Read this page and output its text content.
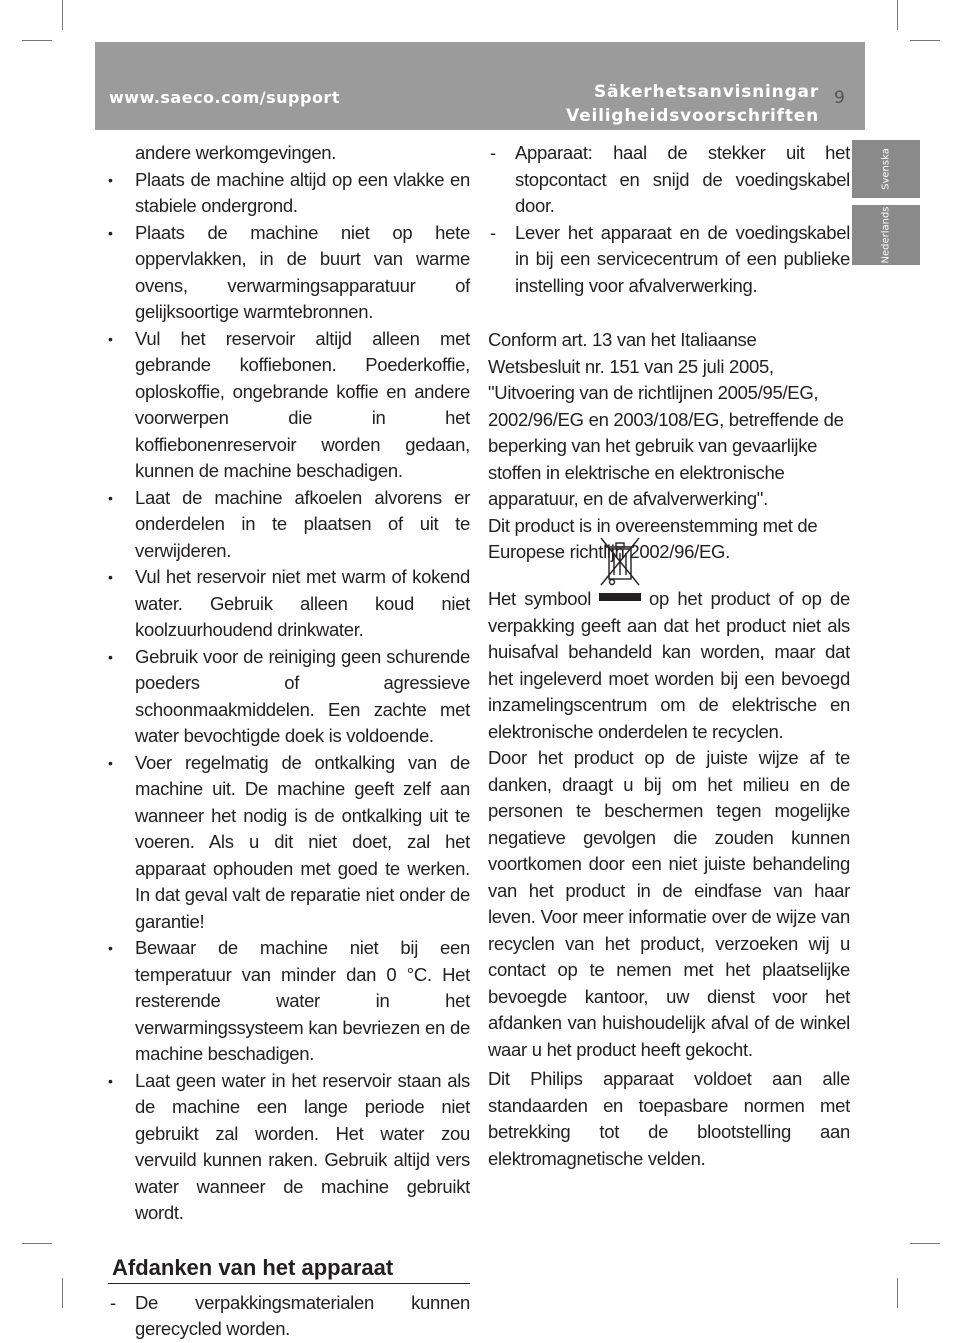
www.saeco.com/support	Säkerhetsanvisningar
Veiligheidsvoorschriften
9
Svenska
Nederlands

andere werkomgevingen.

• Plaats de machine altijd op een vlakke en stabiele ondergrond.
• Plaats de machine niet op hete oppervlakken, in de buurt van warme ovens, verwarmingsapparatuur of gelijksoortige warmtebronnen.
• Vul het reservoir altijd alleen met gebrande koffiebonen. Poederkoffie, oploskoffie, ongebrande koffie en andere voorwerpen die in het koffiebonenreservoir worden gedaan, kunnen de machine beschadigen.
• Laat de machine afkoelen alvorens er onderdelen in te plaatsen of uit te verwijderen.
• Vul het reservoir niet met warm of kokend water. Gebruik alleen koud niet koolzuurhoudend drinkwater.
• Gebruik voor de reiniging geen schurende poeders of agressieve schoonmaakmiddelen. Een zachte met water bevochtigde doek is voldoende.
• Voer regelmatig de ontkalking van de machine uit. De machine geeft zelf aan wanneer het nodig is de ontkalking uit te voeren. Als u dit niet doet, zal het apparaat ophouden met goed te werken. In dat geval valt de reparatie niet onder de garantie!
• Bewaar de machine niet bij een temperatuur van minder dan 0 °C. Het resterende water in het verwarmingssysteem kan bevriezen en de machine beschadigen.
• Laat geen water in het reservoir staan als de machine een lange periode niet gebruikt zal worden. Het water zou vervuild kunnen raken. Gebruik altijd vers water wanneer de machine gebruikt wordt.
Afdanken van het apparaat
- De verpakkingsmaterialen kunnen gerecycled worden.
- Apparaat: haal de stekker uit het stopcontact en snijd de voedingskabel door.
- Lever het apparaat en de voedingskabel in bij een servicecentrum of een publieke instelling voor afvalverwerking.

Conform art. 13 van het Italiaanse Wetsbesluit nr. 151 van 25 juli 2005, "Uitvoering van de richtlijnen 2005/95/EG, 2002/96/EG en 2003/108/EG, betreffende de beperking van het gebruik van gevaarlijke stoffen in elektrische en elektronische apparatuur, en de afvalverwerking".

Dit product is in overeenstemming met de Europese richtlijn 2002/96/EG.

Het symbool	op het product of op de verpakking geeft aan dat het product niet als huisafval behandeld kan worden, maar dat het ingeleverd moet worden bij een bevoegd inzamelingscentrum om de elektrische en elektronische onderdelen te recyclen.

Door het product op de juiste wijze af te danken, draagt u bij om het milieu en de personen te beschermen tegen mogelijke negatieve gevolgen die zouden kunnen voortkomen door een niet juiste behandeling van het product in de eindfase van haar leven. Voor meer informatie over de wijze van recyclen van het product, verzoeken wij u contact op te nemen met het plaatselijke bevoegde kantoor, uw dienst voor het afdanken van huishoudelijk afval of de winkel waar u het product heeft gekocht.

Dit Philips apparaat voldoet aan alle standaarden en toepasbare normen met betrekking tot de blootstelling aan elektromagnetische velden.
